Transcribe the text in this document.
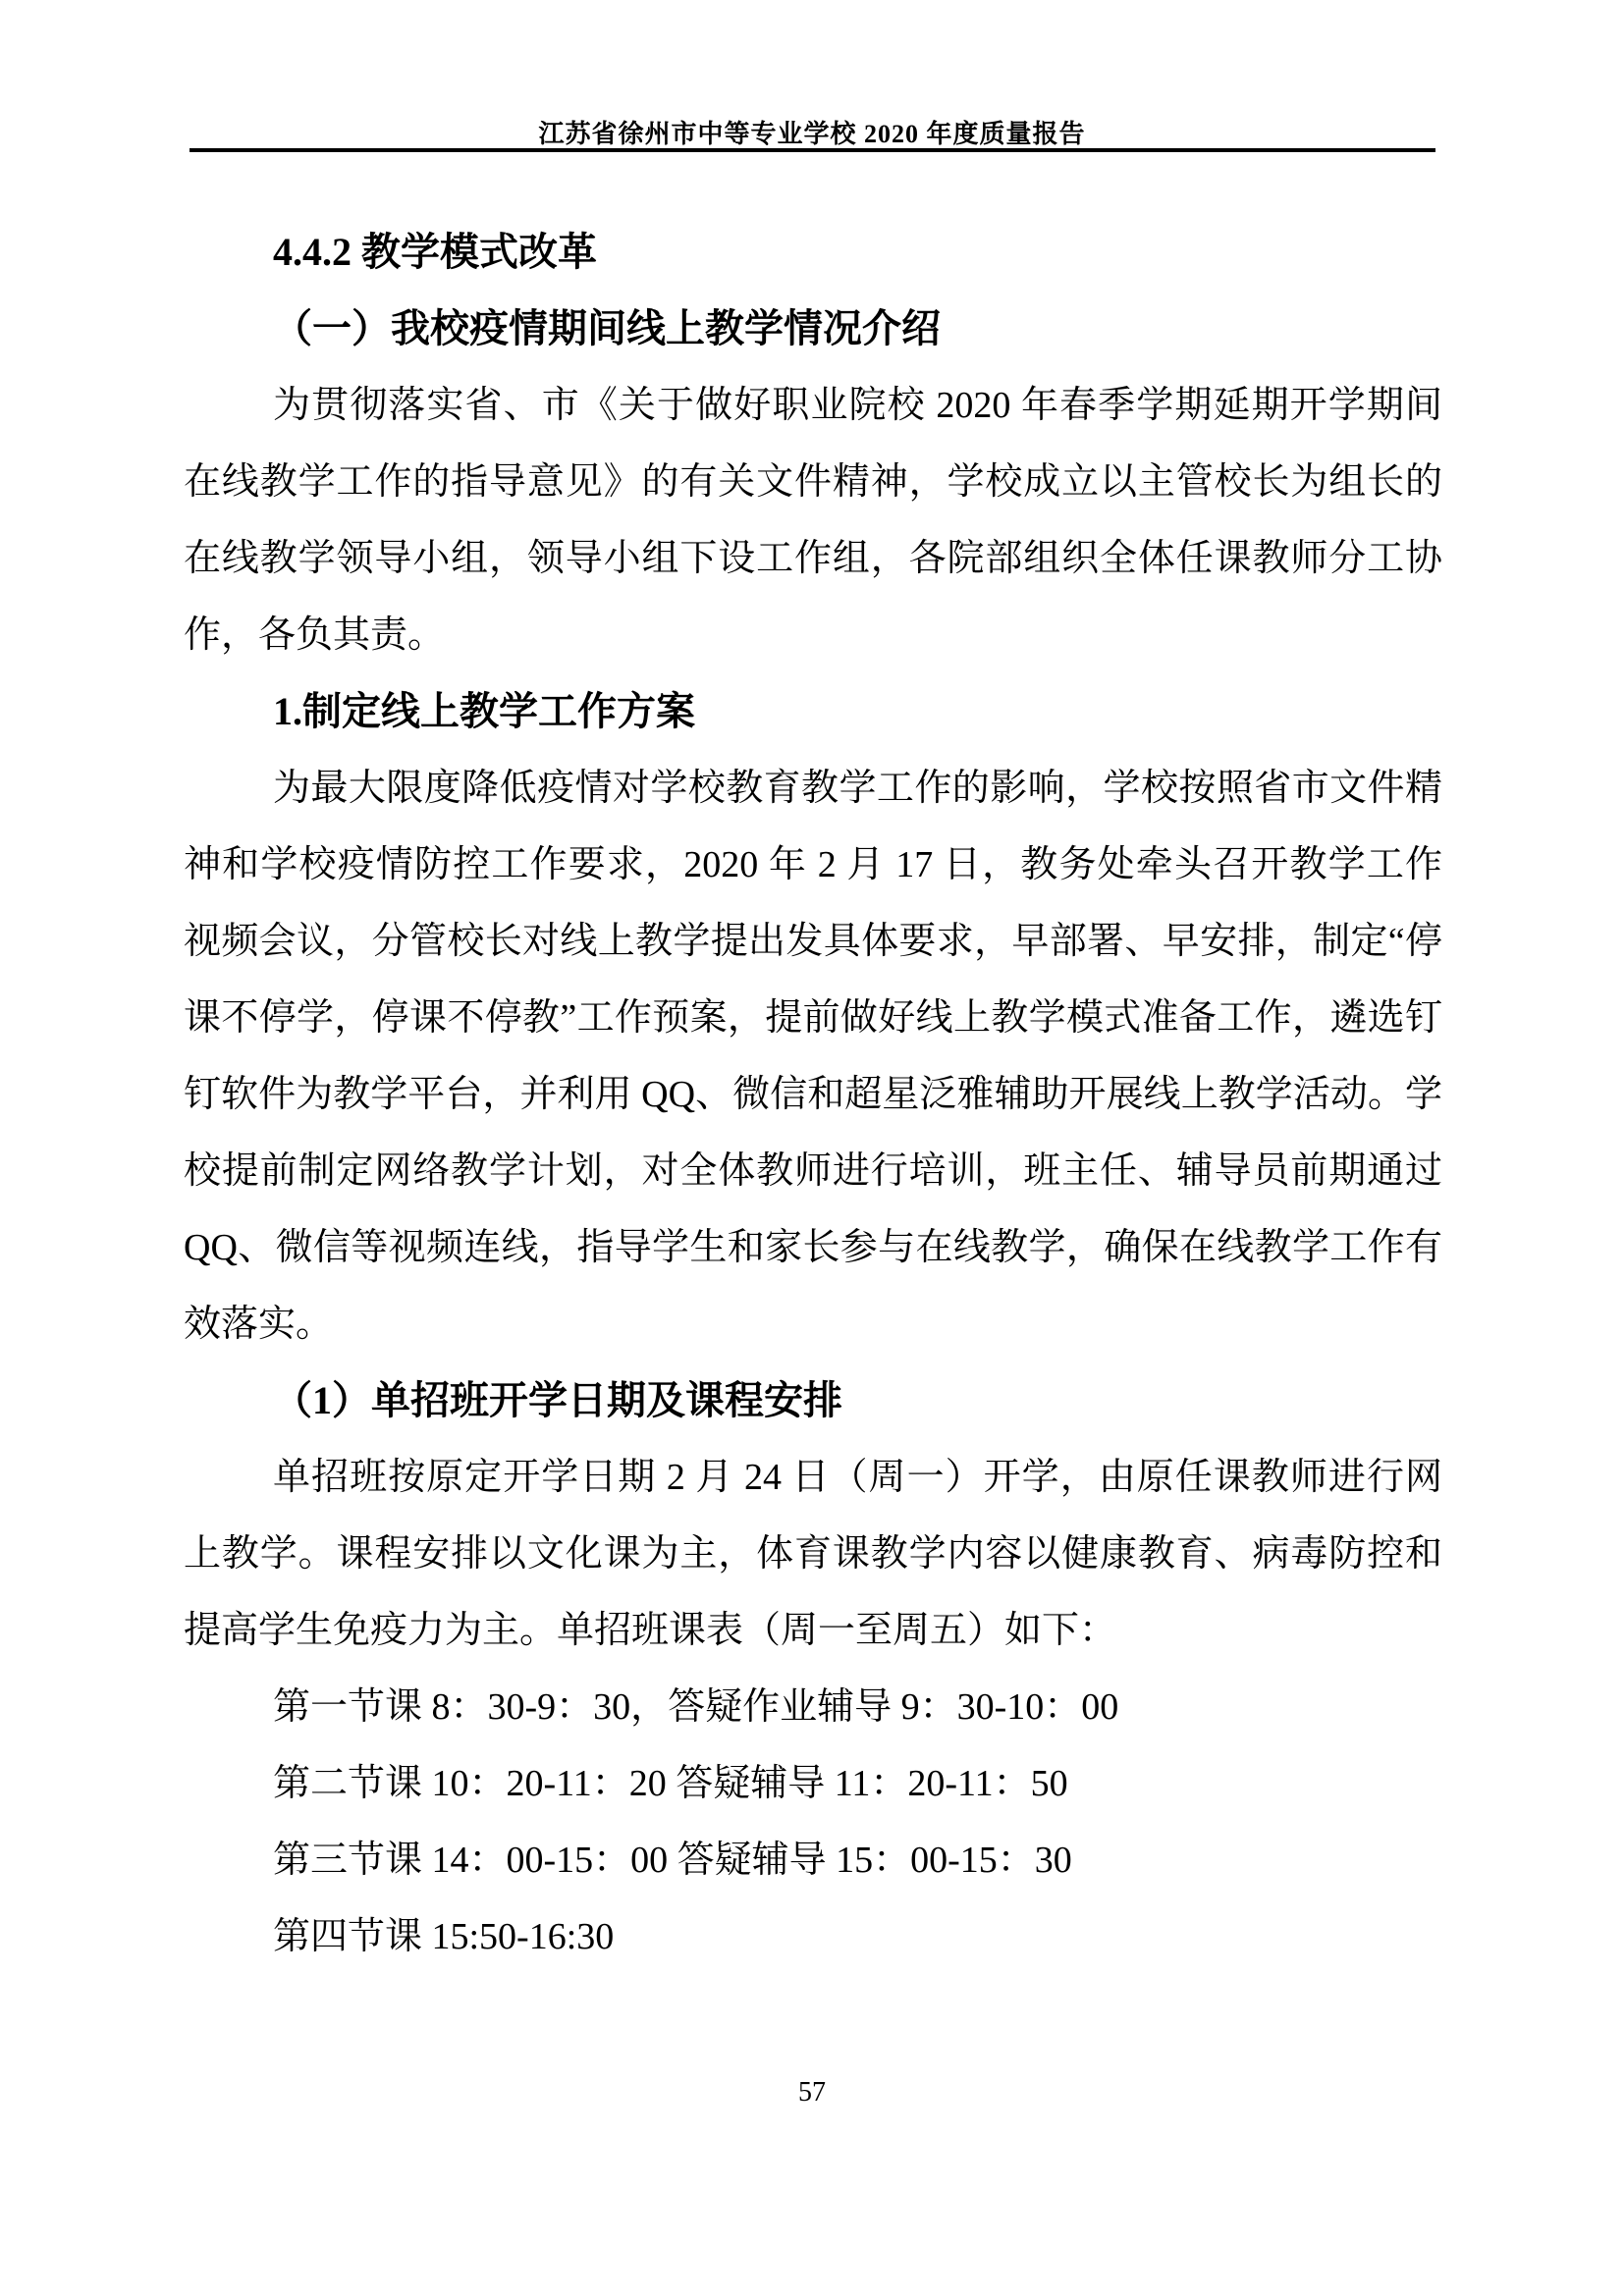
江苏省徐州市中等专业学校 2020 年度质量报告

4.4.2 教学模式改革

（一）我校疫情期间线上教学情况介绍

为贯彻落实省、市《关于做好职业院校 2020 年春季学期延期开学期间在线教学工作的指导意见》的有关文件精神，学校成立以主管校长为组长的在线教学领导小组，领导小组下设工作组，各院部组织全体任课教师分工协作，各负其责。

1.制定线上教学工作方案

为最大限度降低疫情对学校教育教学工作的影响，学校按照省市文件精神和学校疫情防控工作要求，2020 年 2 月 17 日，教务处牵头召开教学工作视频会议，分管校长对线上教学提出发具体要求，早部署、早安排，制定“停课不停学，停课不停教”工作预案，提前做好线上教学模式准备工作，遴选钉钉软件为教学平台，并利用 QQ、微信和超星泛雅辅助开展线上教学活动。学校提前制定网络教学计划，对全体教师进行培训，班主任、辅导员前期通过 QQ、微信等视频连线，指导学生和家长参与在线教学，确保在线教学工作有效落实。

（1）单招班开学日期及课程安排

单招班按原定开学日期 2 月 24 日（周一）开学，由原任课教师进行网上教学。课程安排以文化课为主，体育课教学内容以健康教育、病毒防控和提高学生免疫力为主。单招班课表（周一至周五）如下：

第一节课 8：30-9：30，答疑作业辅导 9：30-10：00

第二节课 10：20-11：20 答疑辅导 11：20-11：50

第三节课 14：00-15：00 答疑辅导 15：00-15：30

第四节课 15:50-16:30

57
